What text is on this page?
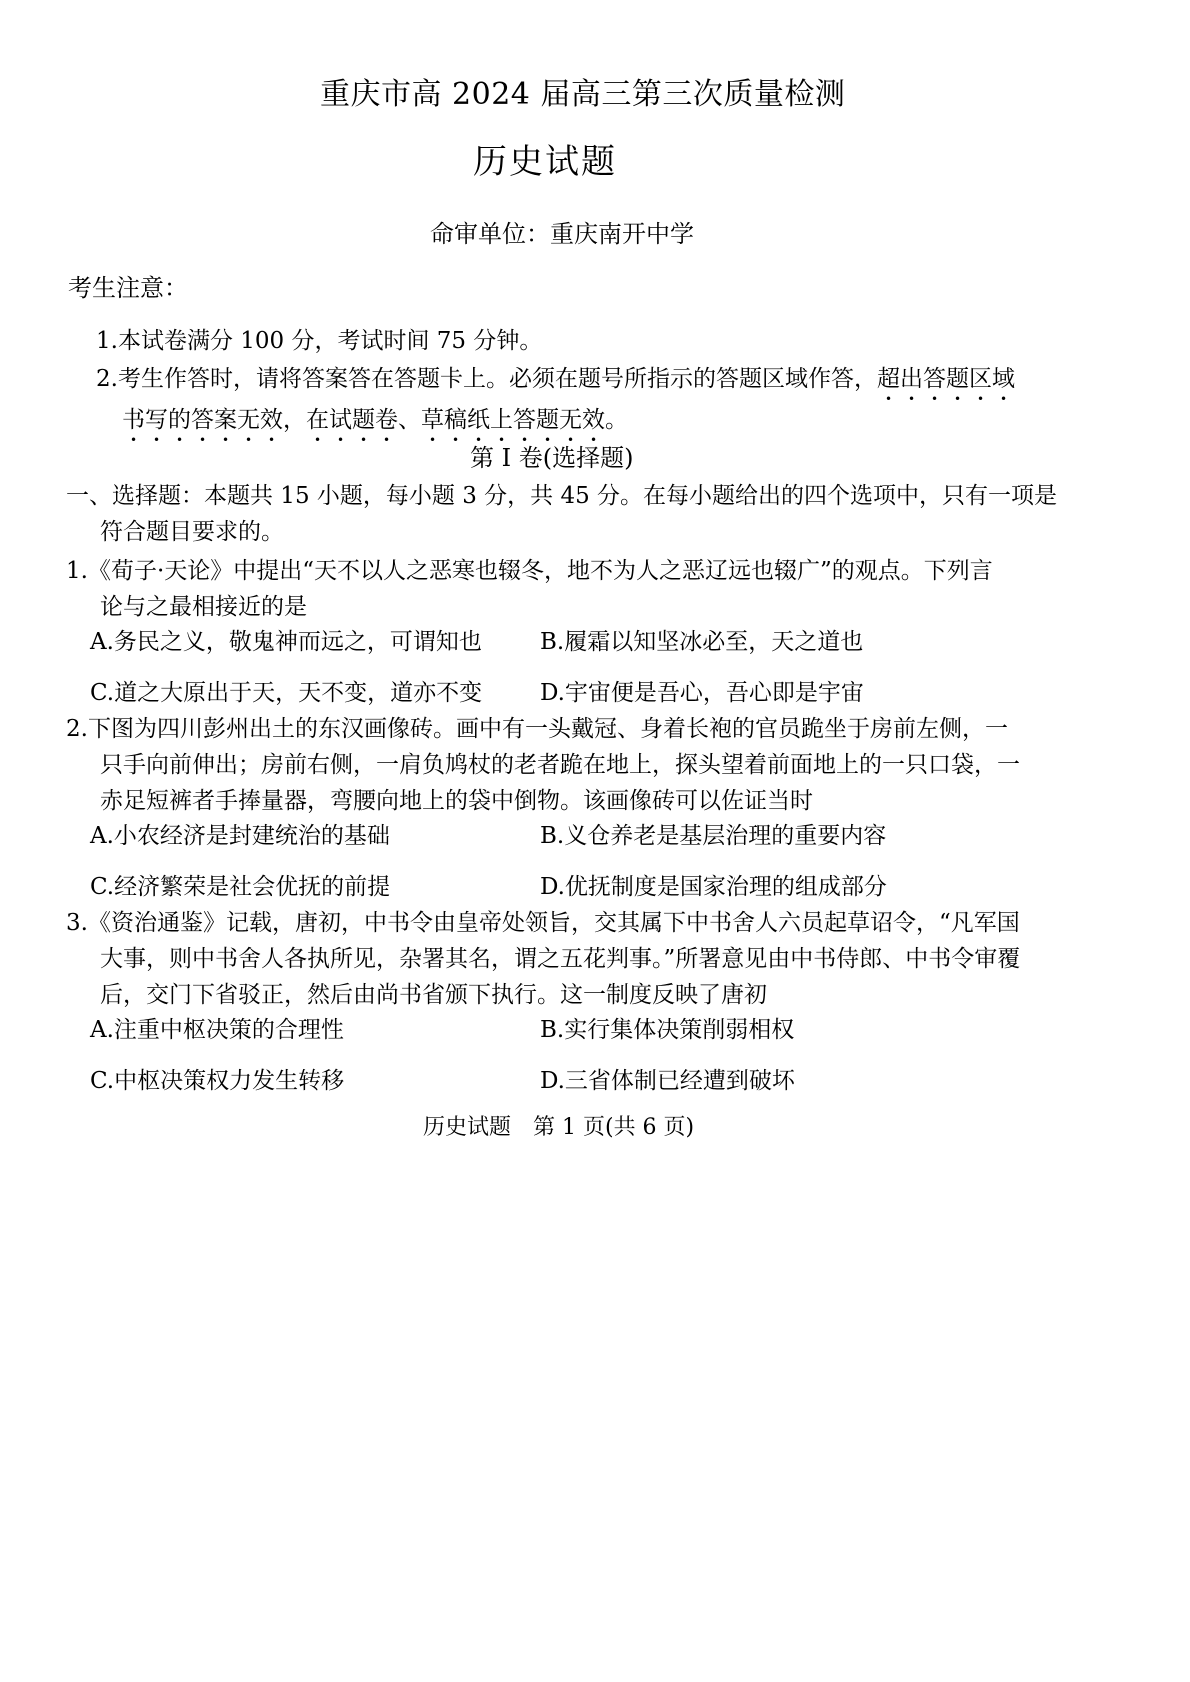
重庆市高 2024 届高三第三次质量检测
历史试题
命审单位：重庆南开中学
考生注意：
1.本试卷满分 100 分，考试时间 75 分钟。
2.考生作答时，请将答案答在答题卡上。必须在题号所指示的答题区域作答，超出答题区域
书写的答案无效，在试题卷、草稿纸上答题无效。
第 I 卷(选择题)
一、选择题：本题共 15 小题，每小题 3 分，共 45 分。在每小题给出的四个选项中，只有一项是
符合题目要求的。
1.《荀子·天论》中提出“天不以人之恶寒也辍冬，地不为人之恶辽远也辍广”的观点。下列言
论与之最相接近的是
A.务民之义，敬鬼神而远之，可谓知也	B.履霜以知坚冰必至，天之道也
C.道之大原出于天，天不变，道亦不变	D.宇宙便是吾心，吾心即是宇宙
2.下图为四川彭州出土的东汉画像砖。画中有一头戴冠、身着长袍的官员跪坐于房前左侧，一
只手向前伸出；房前右侧，一肩负鸠杖的老者跪在地上，探头望着前面地上的一只口袋，一
赤足短裤者手捧量器，弯腰向地上的袋中倒物。该画像砖可以佐证当时
A.小农经济是封建统治的基础	B.义仓养老是基层治理的重要内容
C.经济繁荣是社会优抚的前提	D.优抚制度是国家治理的组成部分
3.《资治通鉴》记载，唐初，中书令由皇帝处领旨，交其属下中书舍人六员起草诏令，“凡军国
大事，则中书舍人各执所见，杂署其名，谓之五花判事。”所署意见由中书侍郎、中书令审覆
后，交门下省驳正，然后由尚书省颁下执行。这一制度反映了唐初
A.注重中枢决策的合理性	B.实行集体决策削弱相权
C.中枢决策权力发生转移	D.三省体制已经遭到破坏
历史试题　第 1 页(共 6 页)
